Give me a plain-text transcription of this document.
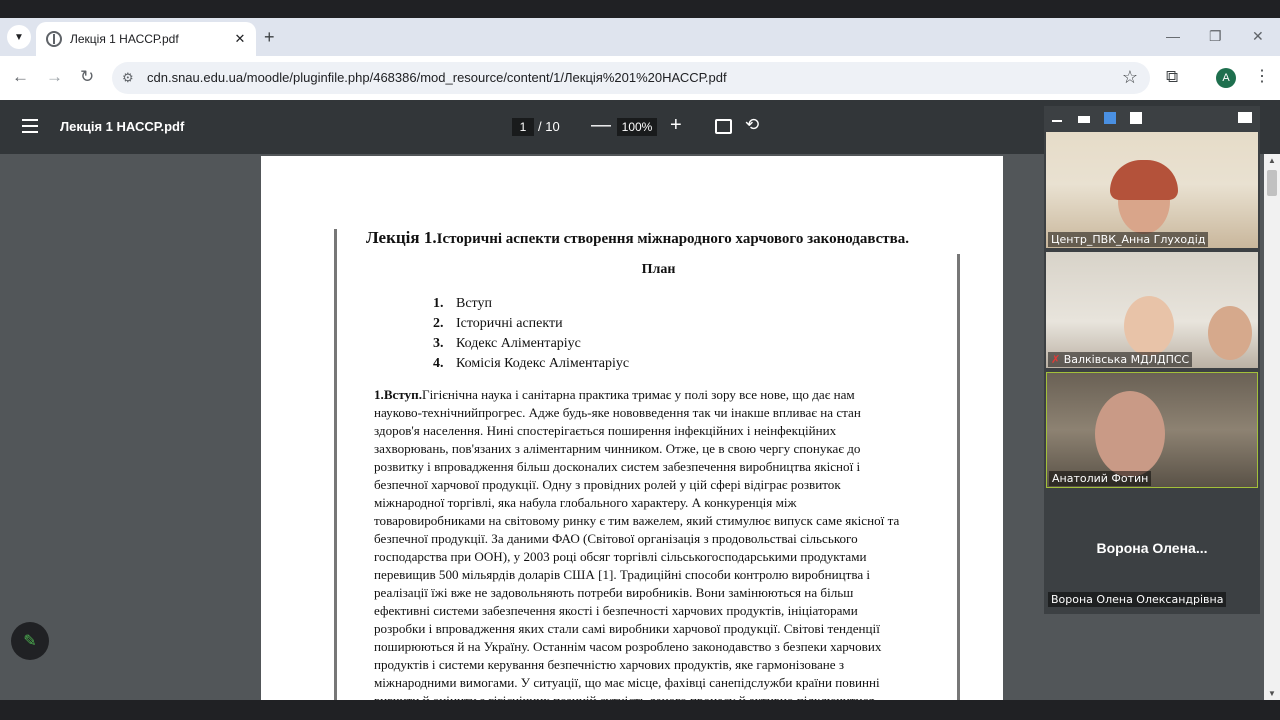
▼	Лекція 1 НАССР.pdf	✕ +	— ❐ ✕
← → ↻ ⚙ cdn.snau.edu.ua/moodle/pluginfile.php/468386/mod_resource/content/1/Лекція%201%20НАССР.pdf	☆ ⧉	A	⋮
Лекція 1 НАССР.pdf	1 / 10 — 100% +	⟲
Лекція 1.Історичні аспекти створення міжнародного харчового законодавства.
План
1. Вступ
2. Історичні аспекти
3. Кодекс Аліментаріус
4. Комісія Кодекс Аліментаріус
1.Вступ.Гігієнічна наука і санітарна практика тримає у полі зору все нове, що дає нам
науково-технічнийпрогрес. Адже будь-яке нововведення так чи інакше впливає на стан
здоров'я населення. Нині спостерігається поширення інфекційних і неінфекційних
захворювань, пов'язаних з аліментарним чинником. Отже, це в свою чергу спонукає до
розвитку і впровадження більш досконалих систем забезпечення виробництва якісної і
безпечної харчової продукції. Одну з провідних ролей у цій сфері відіграє розвиток
міжнародної торгівлі, яка набула глобального характеру. А конкуренція між
товаровиробниками на світовому ринку є тим важелем, який стимулює випуск саме якісної та
безпечної продукції. За даними ФАО (Світової організація з продовольстваі сільського
господарства при ООН), у 2003 році обсяг торгівлі сільськогосподарськими продуктами
перевищив 500 мільярдів доларів США [1]. Традиційні способи контролю виробництва і
реалізації їжі вже не задовольняють потреби виробників. Вони замінюються на більш
ефективні системи забезпечення якості і безпечності харчових продуктів, ініціаторами
розробки і впровадження яких стали самі виробники харчової продукції. Світові тенденції
поширюються й на Україну. Останнім часом розроблено законодавство з безпеки харчових
продуктів і системи керування безпечністю харчових продуктів, яке гармонізоване з
міжнародними вимогами. У ситуації, що має місце, фахівці санепідслужби країни повинні
▲
▼
✎
Центр_ПВК_Анна Глуходід
✗ Валківська МДЛДПСС
Анатолий Фотин
Ворона Олена...
Ворона Олена Олександрівна
